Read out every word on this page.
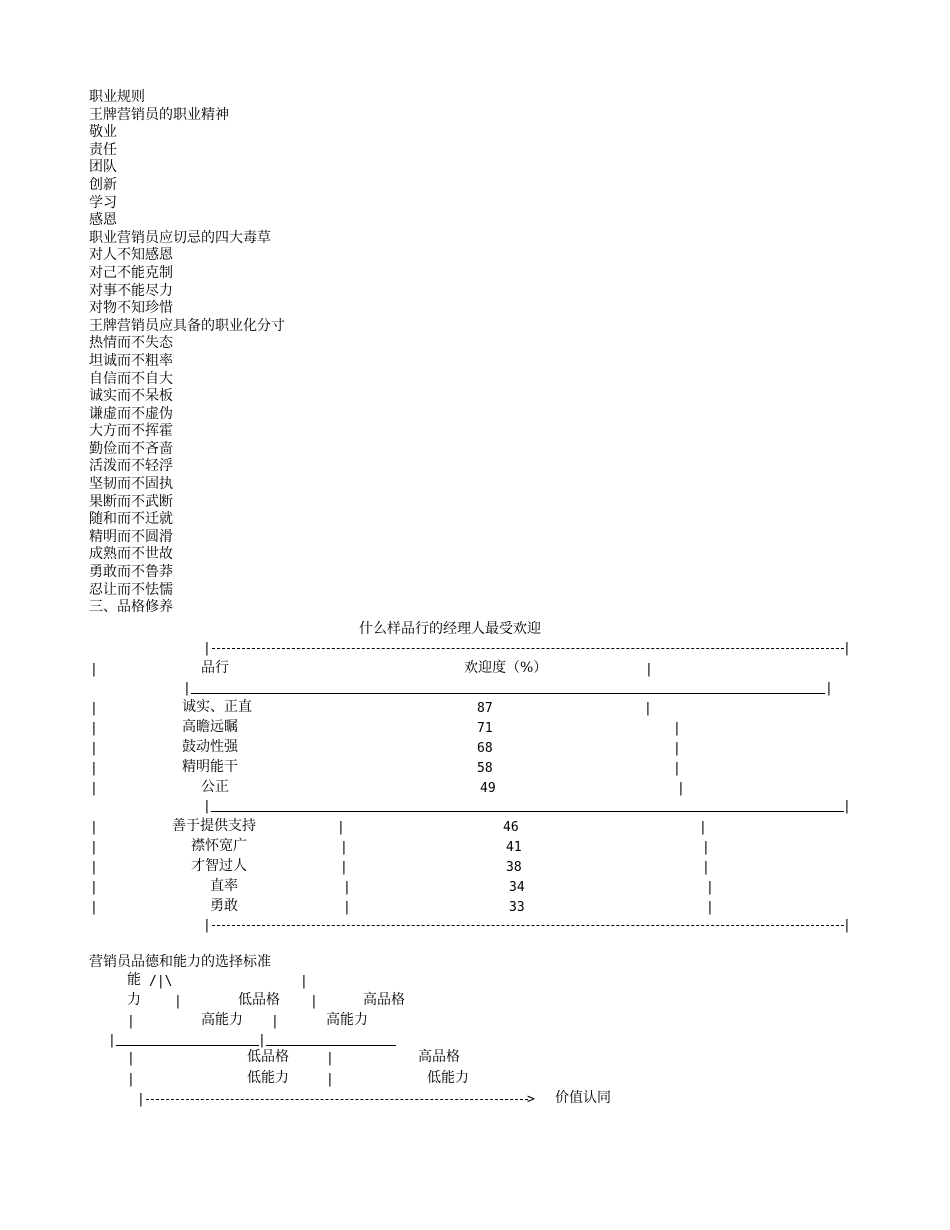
职业规则
王牌营销员的职业精神
敬业
责任
团队
创新
学习
感恩
职业营销员应切忌的四大毒草
对人不知感恩
对己不能克制
对事不能尽力
对物不知珍惜
王牌营销员应具备的职业化分寸
热情而不失态
坦诚而不粗率
自信而不自大
诚实而不呆板
谦虚而不虚伪
大方而不挥霍
勤俭而不吝啬
活泼而不轻浮
坚韧而不固执
果断而不武断
随和而不迁就
精明而不圆滑
成熟而不世故
勇敢而不鲁莽
忍让而不怯懦
三、品格修养
什么样品行的经理人最受欢迎
|	|
|	品行	欢迎度（%）	|
|	|
|	诚实、正直	87	|
|	高瞻远瞩	71	|
|	鼓动性强	68	|
|	精明能干	58	|
|	公正	49	|
|	|
|	善于提供支持	|	46	|
|	襟怀宽广	|	41	|
|	才智过人	|	38	|
|	直率	|	34	|
|	勇敢	|	33	|
|	|
营销员品德和能力的选择标准
能 /|\	|
力	|	低品格 |	高品格
|	高能力 |	高能力
|	|
|	低品格	|	高品格
|	低能力	|	低能力
|	> 价值认同
